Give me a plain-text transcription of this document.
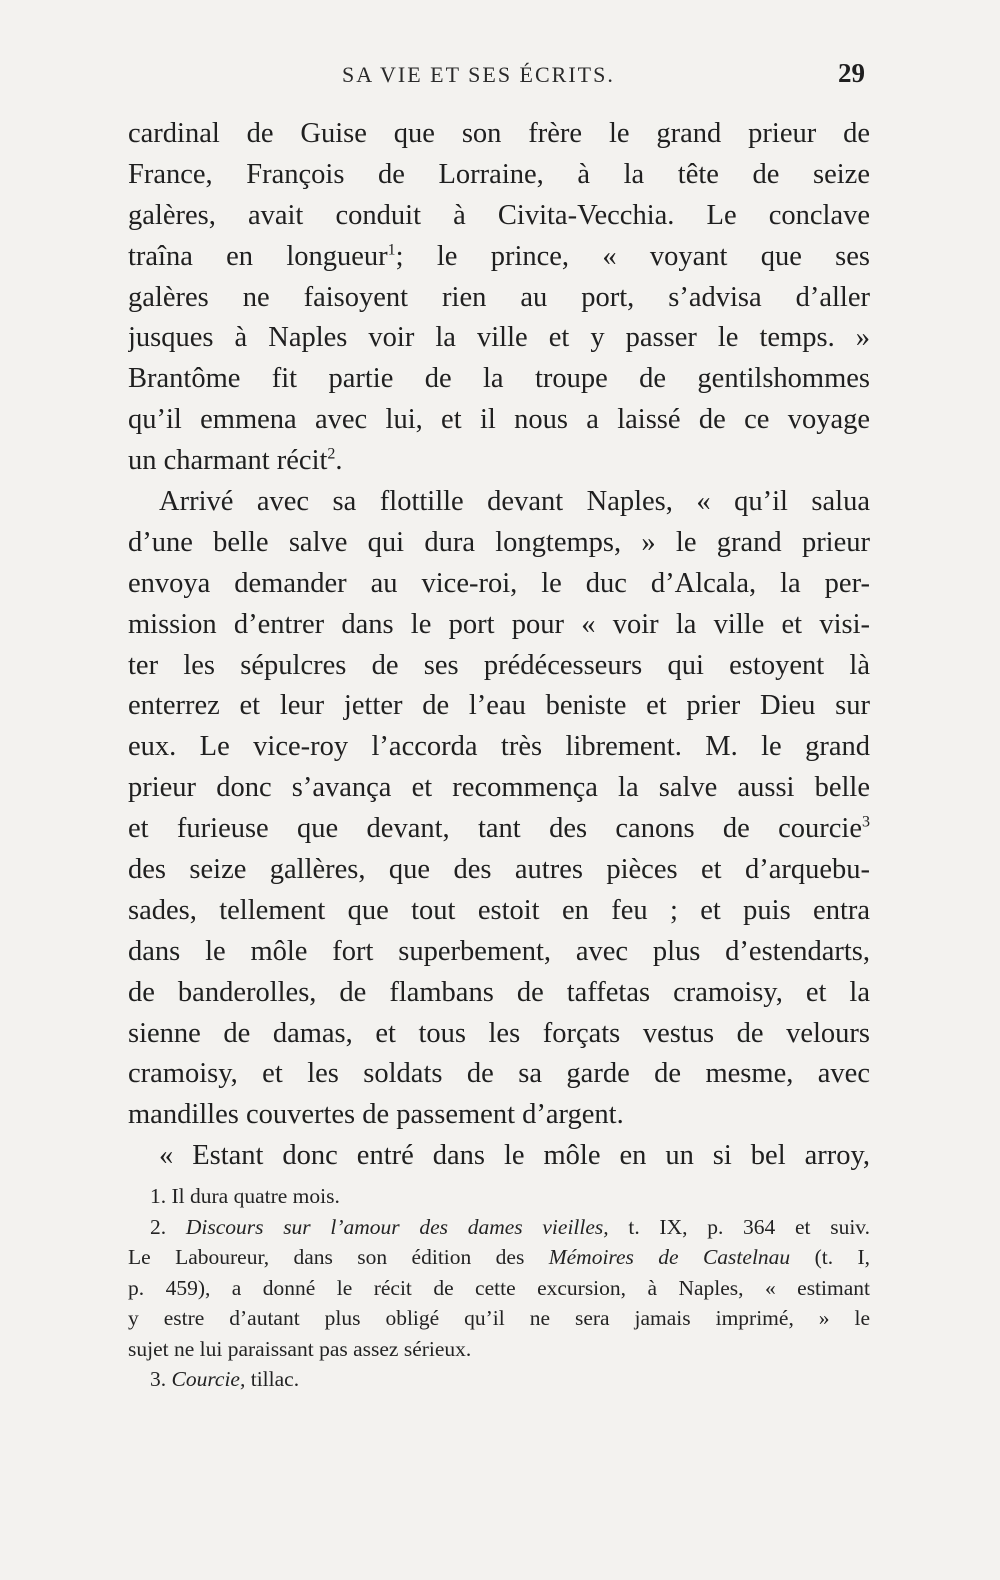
SA VIE ET SES ÉCRITS.	29
cardinal de Guise que son frère le grand prieur de
France, François de Lorraine, à la tête de seize
galères, avait conduit à Civita-Vecchia. Le conclave
traîna en longueur$^1$; le prince, « voyant que ses
galères ne faisoyent rien au port, s’advisa d’aller
jusques à Naples voir la ville et y passer le temps. »
Brantôme fit partie de la troupe de gentilshommes
qu’il emmena avec lui, et il nous a laissé de ce voyage
un charmant récit$^2$.
Arrivé avec sa flottille devant Naples, « qu’il salua
d’une belle salve qui dura longtemps, » le grand prieur
envoya demander au vice-roi, le duc d’Alcala, la per-
mission d’entrer dans le port pour « voir la ville et visi-
ter les sépulcres de ses prédécesseurs qui estoyent là
enterrez et leur jetter de l’eau beniste et prier Dieu sur
eux. Le vice-roy l’accorda très librement. M. le grand
prieur donc s’avança et recommença la salve aussi belle
et furieuse que devant, tant des canons de courcie$^3$
des seize gallères, que des autres pièces et d’arquebu-
sades, tellement que tout estoit en feu ; et puis entra
dans le môle fort superbement, avec plus d’estendarts,
de banderolles, de flambans de taffetas cramoisy, et la
sienne de damas, et tous les forçats vestus de velours
cramoisy, et les soldats de sa garde de mesme, avec
mandilles couvertes de passement d’argent.
« Estant donc entré dans le môle en un si bel arroy,
1. Il dura quatre mois.
2. Discours sur l’amour des dames vieilles, t. IX, p. 364 et suiv.
Le Laboureur, dans son édition des Mémoires de Castelnau (t. I,
p. 459), a donné le récit de cette excursion, à Naples, « estimant
y estre d’autant plus obligé qu’il ne sera jamais imprimé, » le
sujet ne lui paraissant pas assez sérieux.
3. Courcie, tillac.
